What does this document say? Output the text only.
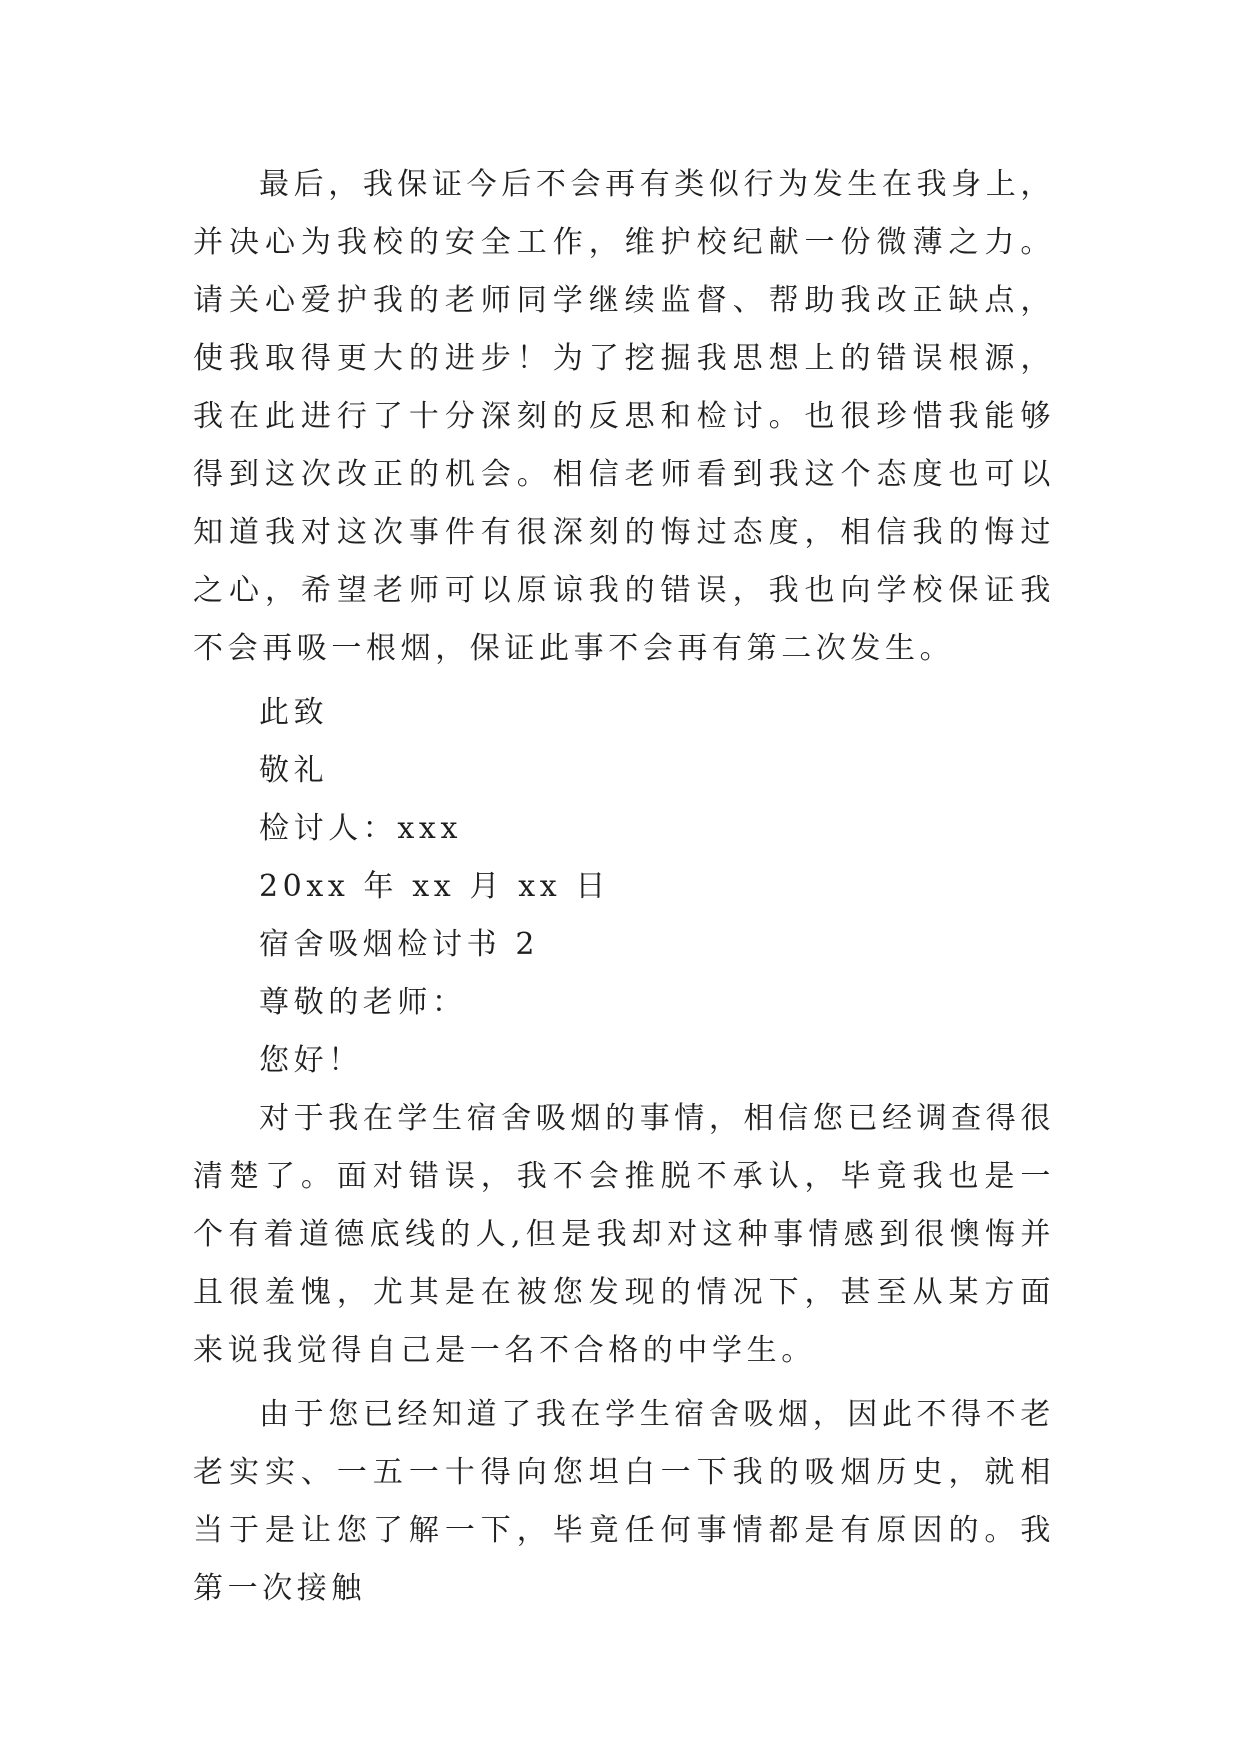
最后，我保证今后不会再有类似行为发生在我身上，并决心为我校的安全工作，维护校纪献一份微薄之力。请关心爱护我的老师同学继续监督、帮助我改正缺点，使我取得更大的进步！为了挖掘我思想上的错误根源，我在此进行了十分深刻的反思和检讨。也很珍惜我能够得到这次改正的机会。相信老师看到我这个态度也可以知道我对这次事件有很深刻的悔过态度，相信我的悔过之心，希望老师可以原谅我的错误，我也向学校保证我不会再吸一根烟，保证此事不会再有第二次发生。

此致

敬礼

检讨人：xxx

20xx 年 xx 月 xx 日

宿舍吸烟检讨书 2

尊敬的老师：

您好！

对于我在学生宿舍吸烟的事情，相信您已经调查得很清楚了。面对错误，我不会推脱不承认，毕竟我也是一个有着道德底线的人,但是我却对这种事情感到很懊悔并且很羞愧，尤其是在被您发现的情况下，甚至从某方面来说我觉得自己是一名不合格的中学生。

由于您已经知道了我在学生宿舍吸烟，因此不得不老老实实、一五一十得向您坦白一下我的吸烟历史，就相当于是让您了解一下，毕竟任何事情都是有原因的。我第一次接触
